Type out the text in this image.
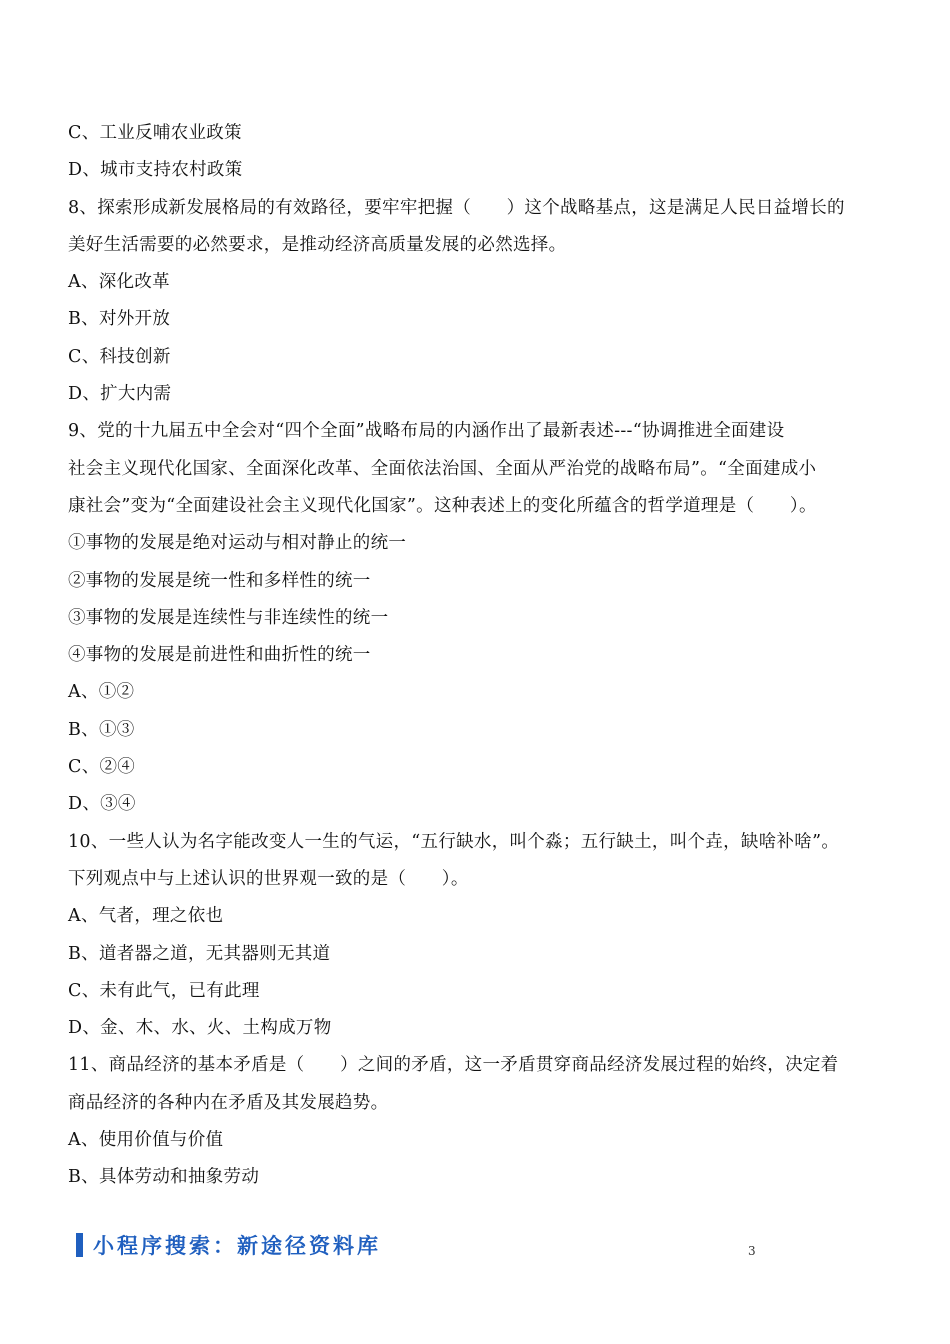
C、工业反哺农业政策
D、城市支持农村政策
8、探索形成新发展格局的有效路径，要牢牢把握（　　）这个战略基点，这是满足人民日益增长的
美好生活需要的必然要求，是推动经济高质量发展的必然选择。
A、深化改革
B、对外开放
C、科技创新
D、扩大内需
9、党的十九届五中全会对“四个全面”战略布局的内涵作出了最新表述---“协调推进全面建设
社会主义现代化国家、全面深化改革、全面依法治国、全面从严治党的战略布局”。“全面建成小
康社会”变为“全面建设社会主义现代化国家”。这种表述上的变化所蕴含的哲学道理是（　　）。
①事物的发展是绝对运动与相对静止的统一
②事物的发展是统一性和多样性的统一
③事物的发展是连续性与非连续性的统一
④事物的发展是前进性和曲折性的统一
A、①②
B、①③
C、②④
D、③④
10、一些人认为名字能改变人一生的气运，“五行缺水，叫个淼；五行缺土，叫个垚，缺啥补啥”。
下列观点中与上述认识的世界观一致的是（　　）。
A、气者，理之依也
B、道者器之道，无其器则无其道
C、未有此气，已有此理
D、金、木、水、火、土构成万物
11、商品经济的基本矛盾是（　　）之间的矛盾，这一矛盾贯穿商品经济发展过程的始终，决定着
商品经济的各种内在矛盾及其发展趋势。
A、使用价值与价值
B、具体劳动和抽象劳动
小程序搜索：新途径资料库	3
